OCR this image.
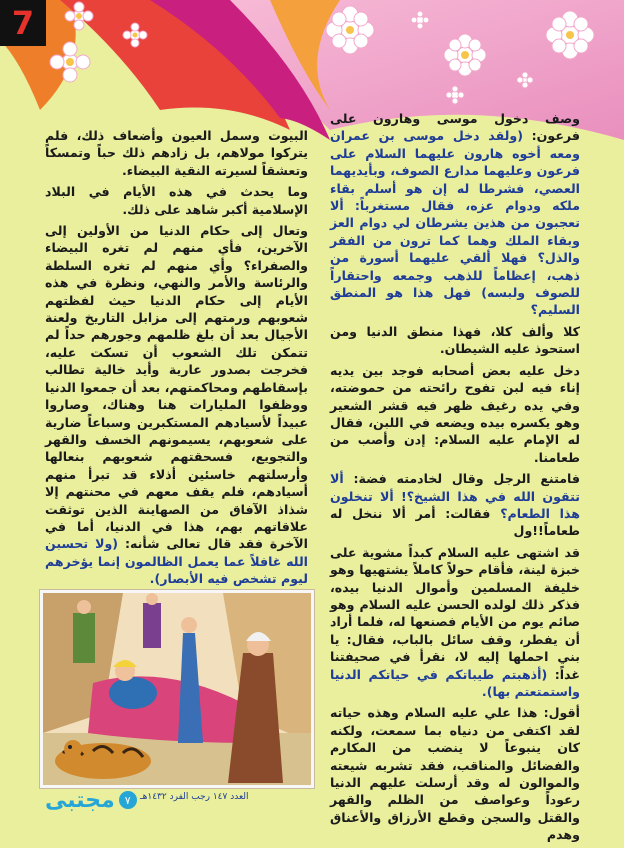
7

وصف دخول موسى وهارون على فرعون: (ولقد دخل موسى بن عمران ومعه أخوه هارون عليهما السلام على فرعون وعليهما مدارع الصوف، وبأيديهما العصي، فشرطا له إن هو أسلم بقاء ملكه ودوام عزه، فقال مستغرباً: ألا تعجبون من هذين يشرطان لي دوام العز وبقاء الملك وهما كما ترون من الفقر والذل؟ فهلا ألقي عليهما أسورة من ذهب، إعظاماً للذهب وجمعه واحتقاراً للصوف ولبسه) فهل هذا هو المنطق السليم؟

كلا وألف كلا، فهذا منطق الدنيا ومن استحوذ عليه الشيطان.

دخل عليه بعض أصحابه فوجد بين يديه إناء فيه لبن تفوح رائحته من حموضته، وفي يده رغيف ظهر فيه قشر الشعير وهو يكسره بيده ويضعه في اللبن، فقال له الإمام عليه السلام: إدن وأصب من طعامنا.

فامتنع الرجل وقال لخادمته فضة: ألا تتقون الله في هذا الشيخ؟! ألا تنخلون هذا الطعام؟ فقالت: أمر ألا ننخل له طعاماً!!ول

قد اشتهى عليه السلام كبداً مشوية على خبزة لينة، فأقام حولاً كاملاً يشتهيها وهو خليفة المسلمين وأموال الدنيا بيده، فذكر ذلك لولده الحسن عليه السلام وهو صائم يوم من الأيام فصنعها له، فلما أراد أن يفطر، وقف سائل بالباب، فقال: يا بني احملها إليه لا، نقرأ في صحيفتنا غداً: (أذهبتم طيباتكم في حياتكم الدنيا واستمتعتم بها).

أقول: هذا علي عليه السلام وهذه حياته لقد اكتفى من دنياه بما سمعت، ولكنه كان ينبوعاً لا ينضب من المكارم والفضائل والمناقب، فقد تشربه شيعته والموالون له وقد أرسلت عليهم الدنيا رعوداً وعواصف من الظلم والقهر والقتل والسجن وقطع الأرزاق والأعناق وهدم

البيوت وسمل العيون وأضعاف ذلك، فلم يتركوا مولاهم، بل زادهم ذلك حباً وتمسكاً وتعشقاً لسيرته النقية البيضاء.

وما يحدث في هذه الأيام في البلاد الإسلامية أكبر شاهد على ذلك.

وتعال إلى حكام الدنيا من الأولين إلى الآخرين، فأي منهم لم تغره البيضاء والصفراء؟ وأي منهم لم تغره السلطة والرئاسة والأمر والنهي، ونظرة في هذه الأيام إلى حكام الدنيا حيث لفظتهم شعوبهم ورمتهم إلى مزابل التاريخ ولعنة الأجيال بعد أن بلغ ظلمهم وجورهم حداً لم تتمكن تلك الشعوب أن تسكت عليه، فخرجت بصدور عارية وأيد خالية تطالب بإسقاطهم ومحاكمتهم، بعد أن جمعوا الدنيا ووظفوا المليارات هنا وهناك، وصاروا عبيداً لأسيادهم المستكبرين وسباعاً ضارية على شعوبهم، يسيمونهم الخسف والقهر والتجويع، فسحقتهم شعوبهم بنعالها وأرسلتهم خاسئين أذلاء قد تبرأ منهم أسيادهم، فلم يقف معهم في محنتهم إلا شذاذ الآفاق من الصهاينة الذين توثقت علاقاتهم بهم، هذا في الدنيا، أما في الآخرة فقد قال تعالى شأنه: (ولا تحسبن الله غافلاً عما يعمل الظالمون إنما يؤخرهم ليوم تشخص فيه الأبصار).

٧
مجتبى	العدد ١٤٧ رجب الفرد ١٤٣٢هـ
